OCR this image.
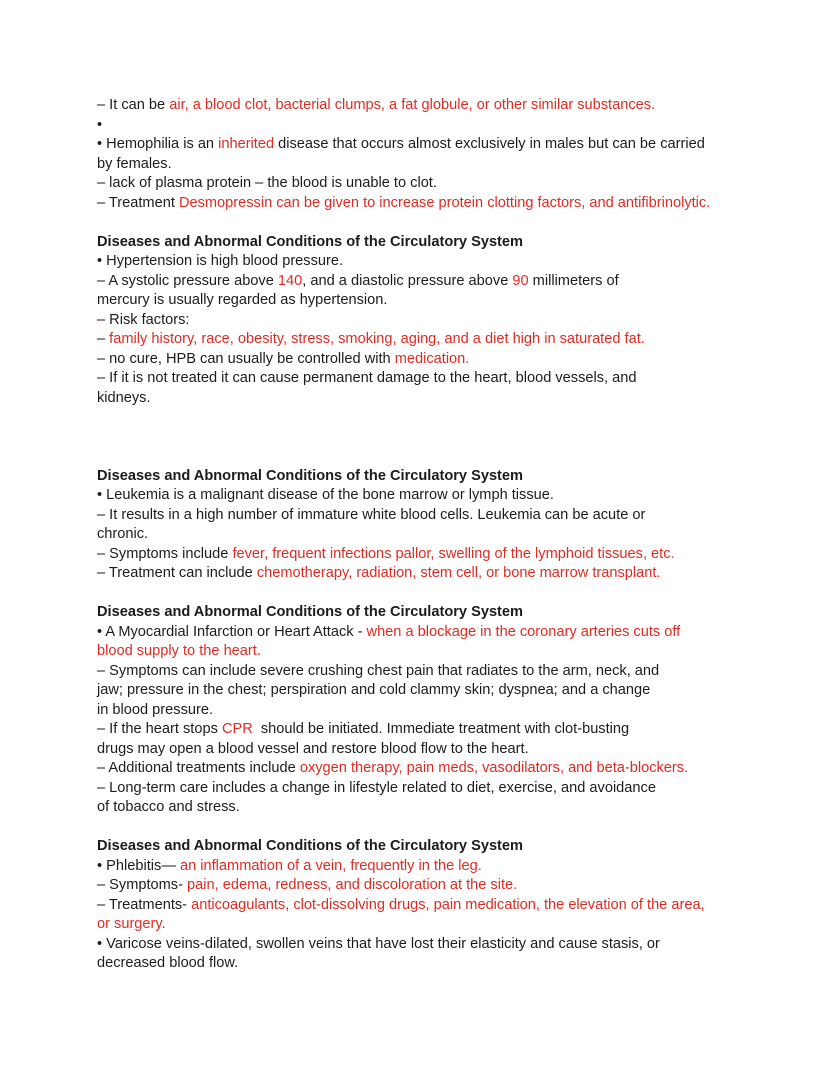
– It can be air, a blood clot, bacterial clumps, a fat globule, or other similar substances.
•
• Hemophilia is an inherited disease that occurs almost exclusively in males but can be carried
by females.
– lack of plasma protein – the blood is unable to clot.
– Treatment Desmopressin can be given to increase protein clotting factors, and antifibrinolytic.
Diseases and Abnormal Conditions of the Circulatory System
• Hypertension is high blood pressure.
– A systolic pressure above 140, and a diastolic pressure above 90 millimeters of
mercury is usually regarded as hypertension.
– Risk factors:
– family history, race, obesity, stress, smoking, aging, and a diet high in saturated fat.
– no cure, HPB can usually be controlled with medication.
– If it is not treated it can cause permanent damage to the heart, blood vessels, and
kidneys.
Diseases and Abnormal Conditions of the Circulatory System
• Leukemia is a malignant disease of the bone marrow or lymph tissue.
– It results in a high number of immature white blood cells. Leukemia can be acute or
chronic.
– Symptoms include fever, frequent infections pallor, swelling of the lymphoid tissues, etc.
– Treatment can include chemotherapy, radiation, stem cell, or bone marrow transplant.
Diseases and Abnormal Conditions of the Circulatory System
• A Myocardial Infarction or Heart Attack - when a blockage in the coronary arteries cuts off
blood supply to the heart.
– Symptoms can include severe crushing chest pain that radiates to the arm, neck, and
jaw; pressure in the chest; perspiration and cold clammy skin; dyspnea; and a change
in blood pressure.
– If the heart stops CPR  should be initiated. Immediate treatment with clot-busting
drugs may open a blood vessel and restore blood flow to the heart.
– Additional treatments include oxygen therapy, pain meds, vasodilators, and beta-blockers.
– Long-term care includes a change in lifestyle related to diet, exercise, and avoidance
of tobacco and stress.
Diseases and Abnormal Conditions of the Circulatory System
• Phlebitis— an inflammation of a vein, frequently in the leg.
– Symptoms- pain, edema, redness, and discoloration at the site.
– Treatments- anticoagulants, clot-dissolving drugs, pain medication, the elevation of the area,
or surgery.
• Varicose veins-dilated, swollen veins that have lost their elasticity and cause stasis, or
decreased blood flow.
